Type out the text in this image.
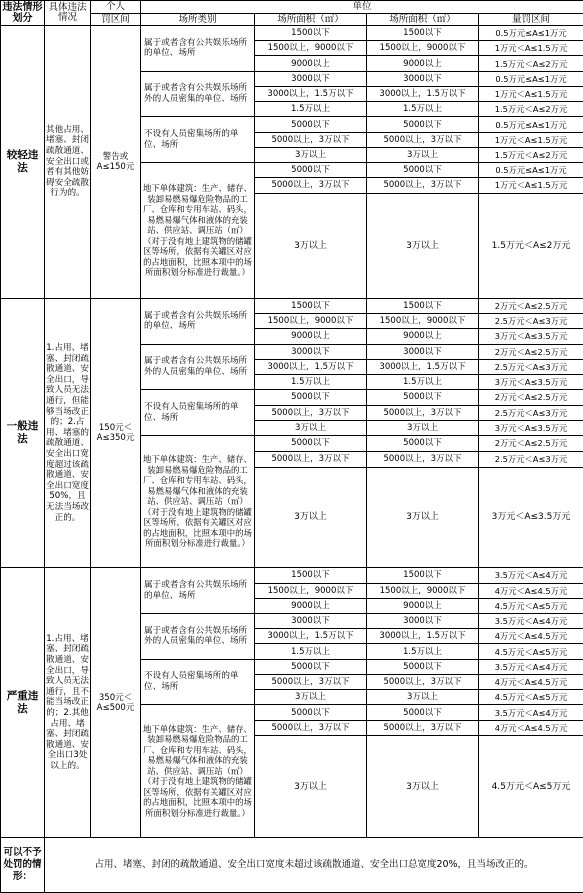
违法情形划分	具体违法情况	个人	单位			
		罚区间	场所类别	场所面积（㎡）	场所面积（㎡）	量罚区间
较轻违法	其他占用、堵塞、封闭疏散通道、安全出口或者有其他妨碍安全疏散行为的。	警告或A≤150元	属于或者含有公共娱乐场所的单位、场所	1500以下	1500以下	0.5万元≤A≤1万元
				1500以上，9000以下	1500以上，9000以下	1万元＜A≤1.5万元
				9000以上	9000以上	1.5万元＜A≤2万元
			属于或者含有公共娱乐场所外的人员密集的单位、场所	3000以下	3000以下	0.5万元≤A≤1万元
				3000以上，1.5万以下	3000以上，1.5万以下	1万元＜A≤1.5万元
				1.5万以上	1.5万以上	1.5万元＜A≤2万元
			不设有人员密集场所的单位、场所	5000以下	5000以下	0.5万元≤A≤1万元
				5000以上，3万以下	5000以上，3万以下	1万元＜A≤1.5万元
				3万以上	3万以上	1.5万元＜A≤2万元
			地下单体建筑：生产、储存、装卸易燃易爆危险物品的工厂、仓库和专用车站、码头，易燃易爆气体和液体的充装站、供应站、调压站（㎡）（对于没有地上建筑物的储罐区等场所，依据有关罐区对应的占地面积，比照本项中的场所面积划分标准进行裁量。）	5000以下	5000以下	0.5万元≤A≤1万元
				5000以上，3万以下	5000以上，3万以下	1万元＜A≤1.5万元
				3万以上	3万以上	1.5万元＜A≤2万元
一般违法	1.占用、堵塞、封闭疏散通道、安全出口，导致人员无法通行，但能够当场改正的；2.占用、堵塞的疏散通道、安全出口宽度超过该疏散通道、安全出口宽度50%，且无法当场改正的。	150元＜A≤350元	属于或者含有公共娱乐场所的单位、场所	1500以下	1500以下	2万元＜A≤2.5万元
				1500以上，9000以下	1500以上，9000以下	2.5万元＜A≤3万元
				9000以上	9000以上	3万元＜A≤3.5万元
			属于或者含有公共娱乐场所外的人员密集的单位、场所	3000以下	3000以下	2万元＜A≤2.5万元
				3000以上，1.5万以下	3000以上，1.5万以下	2.5万元＜A≤3万元
				1.5万以上	1.5万以上	3万元＜A≤3.5万元
			不设有人员密集场所的单位、场所	5000以下	5000以下	2万元＜A≤2.5万元
				5000以上，3万以下	5000以上，3万以下	2.5万元＜A≤3万元
				3万以上	3万以上	3万元＜A≤3.5万元
			地下单体建筑：生产、储存、装卸易燃易爆危险物品的工厂、仓库和专用车站、码头，易燃易爆气体和液体的充装站、供应站、调压站（㎡）（对于没有地上建筑物的储罐区等场所，依据有关罐区对应的占地面积，比照本项中的场所面积划分标准进行裁量。）	5000以下	5000以下	2万元＜A≤2.5万元
				5000以上，3万以下	5000以上，3万以下	2.5万元＜A≤3万元
				3万以上	3万以上	3万元＜A≤3.5万元
严重违法	1.占用、堵塞、封闭疏散通道、安全出口，导致人员无法通行，且不能当场改正的；2.其他占用、堵塞、封闭疏散通道、安全出口3处以上的。	350元＜A≤500元	属于或者含有公共娱乐场所的单位、场所	1500以下	1500以下	3.5万元＜A≤4万元
				1500以上，9000以下	1500以上，9000以下	4万元＜A≤4.5万元
				9000以上	9000以上	4.5万元＜A≤5万元
			属于或者含有公共娱乐场所外的人员密集的单位、场所	3000以下	3000以下	3.5万元＜A≤4万元
				3000以上，1.5万以下	3000以上，1.5万以下	4万元＜A≤4.5万元
				1.5万以上	1.5万以上	4.5万元＜A≤5万元
			不设有人员密集场所的单位、场所	5000以下	5000以下	3.5万元＜A≤4万元
				5000以上，3万以下	5000以上，3万以下	4万元＜A≤4.5万元
				3万以上	3万以上	4.5万元＜A≤5万元
			地下单体建筑：生产、储存、装卸易燃易爆危险物品的工厂、仓库和专用车站、码头，易燃易爆气体和液体的充装站、供应站、调压站（㎡）（对于没有地上建筑物的储罐区等场所，依据有关罐区对应的占地面积，比照本项中的场所面积划分标准进行裁量。）	5000以下	5000以下	3.5万元＜A≤4万元
				5000以上，3万以下	5000以上，3万以下	4万元＜A≤4.5万元
				3万以上	3万以上	4.5万元＜A≤5万元
可以不予处罚的情形：	占用、堵塞、封闭的疏散通道、安全出口宽度未超过该疏散通道、安全出口总宽度20%，且当场改正的。					
